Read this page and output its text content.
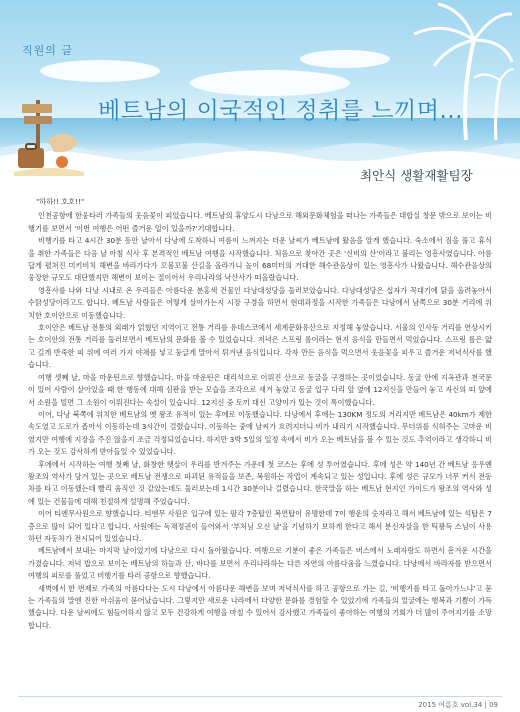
직원의 글
베트남의 이국적인 정취를 느끼며...
최안식 생활재활팀장

"하하!! 호호!!"

인천공항에 한웅타러 가족들의 웃음꽃이 피었습니다. 베트남의 휴양도시 다낭으로 해외문화체험을 떠나는 가족들은 대합실 창문 밖으로 보이는 비행기를 보면서 '이번 여행은 어떤 즐거운 일이 있을까?'기대합니다.

비행기를 타고 4시간 30분 동안 날아서 다낭에 도착하니 여름이 느껴지는 더운 날씨가 베트남에 왔음을 알게 했습니다. 숙소에서 짐을 풀고 휴식을 취한 가족들은 다음 날 아침 식사 후 본격적인 베트남 여행을 시작했습니다. 처음으로 찾아간 곳은 '신비의 산'이라고 불리는 영흥사였습니다. 아름답게 펼쳐진 미키비치 해변을 바라가다가 꼬불꼬불 산길을 올라가니 높이 68미터의 거대한 해수관음상이 있는 영흥사가 나왔습니다. 해수관음상의 웅장한 규모도 대단했지만 해변이 보이는 절이어서 우리나라의 낙산사가 떠올랐습니다.

영흥사를 나와 다낭 시내로 온 우리들은 아름다운 분홍색 건물인 다낭대성당을 둘러보았습니다. 다낭대성당은 십자가 꼭대기에 닭을 올려놓아서 수탉성당이라고도 합니다. 베트남 사람들은 어떻게 살아가는지 시장 구경을 하면서 현대과정을 시작한 가족들은 다낭에서 남쪽으로 30분 거리에 위치한 호이안으로 이동했습니다.

호이안은 베트남 전통의 외래가 얽혔던 지역이고 전통 거리를 유네스코에서 세계문화유산으로 지정해 놓았습니다. 서울의 인사동 거리를 연상시키는 호이안의 전통 거리를 둘러보면서 베트남의 문화를 볼 수 있었습니다. 저녁은 스프링 롤이라는 현지 음식을 만들면서 먹었습니다. 스프링 롤은 얇고 길게 반죽한 피 위에 여러 가지 야채를 넣고 둥글게 말아서 튀겨낸 음식입니다. 각자 만든 음식을 먹으면서 웃음꽃을 피우고 즐거운 저녁식사를 했습니다.

여행 셋째 날, 마을 마운틴으로 향했습니다. 마을 마운틴은 대리석으로 이뤄진 산으로 동굴을 구경하는 곳이었습니다. 동굴 안에 지옥관과 천국문이 있어 사람이 살아있을 때 한 행동에 대해 심판을 받는 모습을 조각으로 새겨 놓았고 동굴 입구 다리 앞 옆에 12지신을 만들어 놓고 자신의 띠 앞에서 소원을 빌면 그 소원이 이뤄진다는 속설이 있습니다. 12지신 중 토끼 대신 고양이가 있는 것이 특이했습니다.

이어, 다낭 북쪽에 위치한 베트남의 옛 왕조 유적이 있는 후에로 이동했습니다. 다낭에서 후에는 130KM 정도의 거리지만 베트남은 40km가 제한 속도였고 도로가 좁아서 이동하는데 3시간이 걸렸습니다. 이동하는 중에 날씨가 흐려지더니 비가 내리기 시작했습니다. 무더위를 식혀주는 고마운 비였지만 여행에 지장을 주진 않을지 조금 걱정되었습니다. 하지만 3박 5일의 일정 속에서 비가 오는 베트남을 볼 수 있는 것도 추억이라고 생각하니 비가 오는 것도 감사하게 받아들일 수 있었습니다.

후에에서 시작하는 여행 첫째 날, 화창한 햇살이 우리를 반겨주는 가운데 첫 코스는 후에 성 투어였습니다. 후에 성은 약 140년 간 베트남 응우옌 왕조의 역사가 담겨 있는 곳으로 베트남 전쟁으로 파괴된 유적들을 보존, 복원하는 작업이 계속되고 있는 성입니다. 후에 성은 규모가 너무 커서 전동차를 타고 이동했는데 빨리 움직인 것 같았는데도 둘러보는데 1시간 30분이나 걸렸습니다. 한국말을 하는 베트남 현지인 가이드가 왕조의 역사와 성에 있는 건물들에 대해 친절하게 설명해 주었습니다.

이어 티엔무사원으로 향했습니다. 티엔무 사원은 입구에 있는 팔각 7층탑인 복연탑이 유명한데 7이 행운의 숫자라고 해서 베트남에 있는 석탑은 7층으로 많이 되어 있다고 합니다. 사원에는 독채정권이 들어와서 '부처님 오신 날'을 기념하기 보하게 한다고 해서 분신자살을 한 틱꽝득 스님이 사용하던 자동차가 전시되어 있었습니다.

베트남에서 보내는 마지막 날이었기에 다낭으로 다시 돌아왔습니다. 여행으로 기분이 좋은 가족들은 버스에서 노래자랑도 하면서 흥겨운 시간을 가졌습니다. 저녁 밥으로 보이는 베트남의 하늘과 산, 바다를 보면서 우리나라하는 다른 자연의 아름다움을 느꼈습니다. 다낭에서 바라자를 받으면서 여행의 피로를 풀었고 비행기를 타러 공항으로 향했습니다.

새벽에서 한 번제로 가족의 아름다다는 도시 다낭에서 아름다운 해변을 보며 저녁식사를 하고 공항으로 가는 길, '비행기를 타고 돌아가느냐'고 묻는 가족들의 말엔 진한 아쉬움이 묻어났습니다. 그렇지만 새로운 나라에서 다양한 문화를 경험할 수 있었기에 가족들의 얼굴에는 행복과 기쁨이 가득했습니다. 다운 날씨에도 힘들어하지 않고 모두 건강하게 여행을 마칠 수 있어서 감사했고 가족들이 좋아하는 여행의 기회가 더 많이 주어지기를 소망합니다.

2015 여름호 vol.34 | 09
